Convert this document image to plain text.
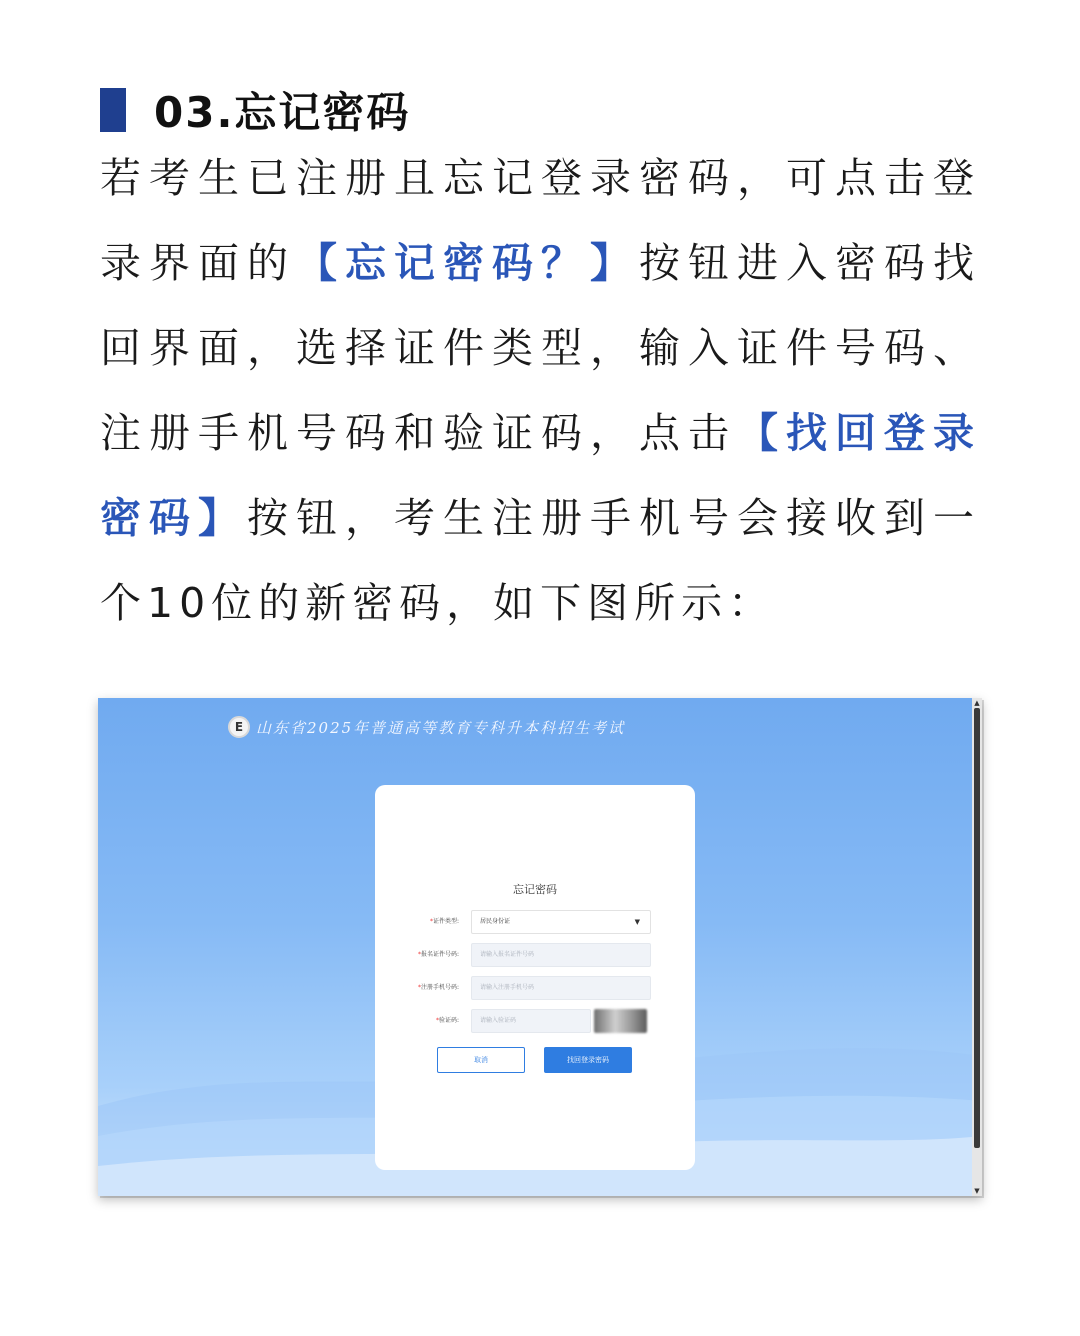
03.忘记密码
若考生已注册且忘记登录密码，可点击登录界面的【忘记密码？】按钮进入密码找回界面，选择证件类型，输入证件号码、注册手机号码和验证码，点击【找回登录密码】按钮，考生注册手机号会接收到一个10位的新密码，如下图所示：
E 山东省2025年普通高等教育专科升本科招生考试
忘记密码
*证件类型:	居民身份证	▼
*报名证件号码:	请输入报名证件号码
*注册手机号码:	请输入注册手机号码
*验证码:	请输入验证码
取消	找回登录密码
▲
▼
